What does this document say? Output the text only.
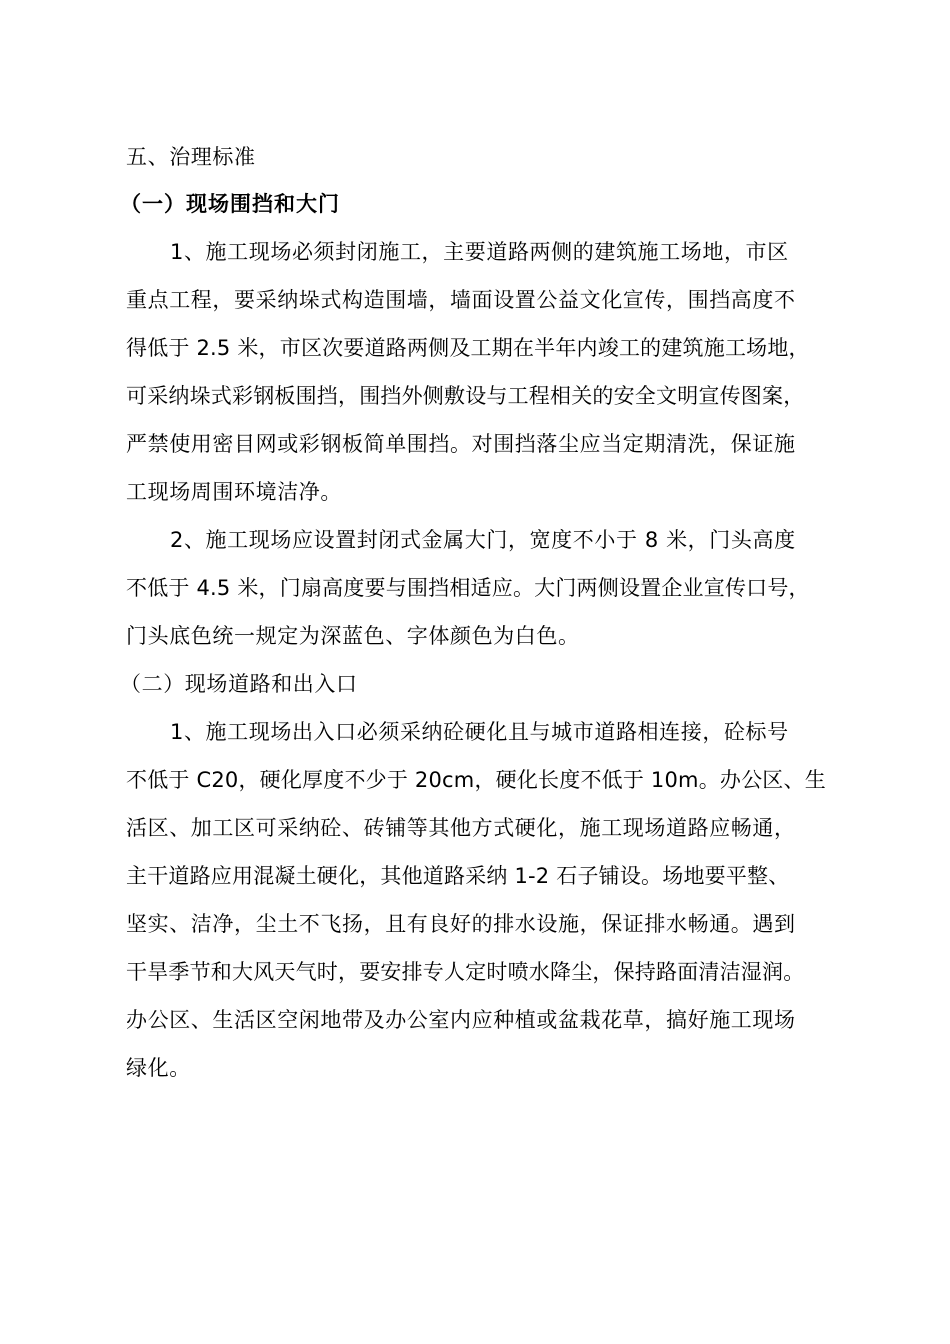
五、治理标准
（一）现场围挡和大门
1、施工现场必须封闭施工，主要道路两侧的建筑施工场地，市区
重点工程，要采纳垛式构造围墙，墙面设置公益文化宣传，围挡高度不
得低于 2.5 米，市区次要道路两侧及工期在半年内竣工的建筑施工场地，
可采纳垛式彩钢板围挡，围挡外侧敷设与工程相关的安全文明宣传图案，
严禁使用密目网或彩钢板简单围挡。对围挡落尘应当定期清洗，保证施
工现场周围环境洁净。
2、施工现场应设置封闭式金属大门，宽度不小于 8 米，门头高度
不低于 4.5 米，门扇高度要与围挡相适应。大门两侧设置企业宣传口号，
门头底色统一规定为深蓝色、字体颜色为白色。
（二）现场道路和出入口
1、施工现场出入口必须采纳砼硬化且与城市道路相连接，砼标号
不低于 C20，硬化厚度不少于 20cm，硬化长度不低于 10m。办公区、生
活区、加工区可采纳砼、砖铺等其他方式硬化，施工现场道路应畅通，
主干道路应用混凝土硬化，其他道路采纳 1-2 石子铺设。场地要平整、
坚实、洁净，尘土不飞扬，且有良好的排水设施，保证排水畅通。遇到
干旱季节和大风天气时，要安排专人定时喷水降尘，保持路面清洁湿润。
办公区、生活区空闲地带及办公室内应种植或盆栽花草，搞好施工现场
绿化。
